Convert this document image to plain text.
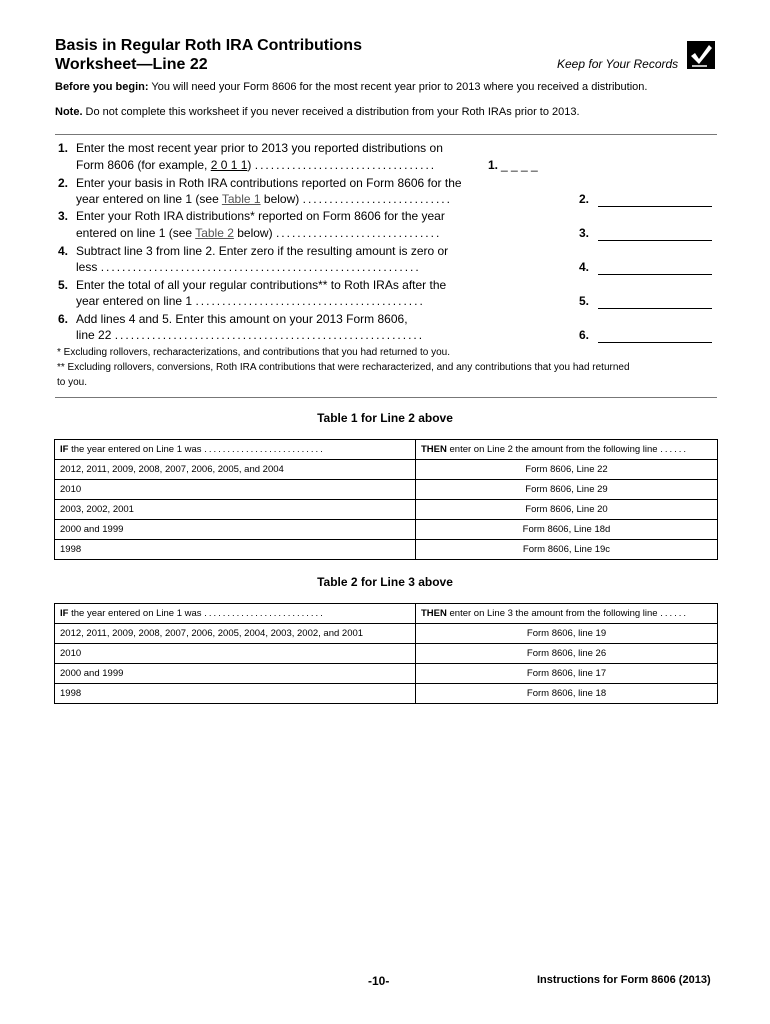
Basis in Regular Roth IRA Contributions
Worksheet—Line 22	Keep for Your Records
Before you begin: You will need your Form 8606 for the most recent year prior to 2013 where you received a distribution.
Note. Do not complete this worksheet if you never received a distribution from your Roth IRAs prior to 2013.
1. Enter the most recent year prior to 2013 you reported distributions on
Form 8606 (for example, 2 0 1 1) ..................................	1. _ _ _ _
2. Enter your basis in Roth IRA contributions reported on Form 8606 for the
year entered on line 1 (see Table 1 below) ............................	2.
3. Enter your Roth IRA distributions* reported on Form 8606 for the year
entered on line 1 (see Table 2 below) ...............................	3.
4. Subtract line 3 from line 2. Enter zero if the resulting amount is zero or
less ............................................................	4.
5. Enter the total of all your regular contributions** to Roth IRAs after the
year entered on line 1 ...........................................	5.
6. Add lines 4 and 5. Enter this amount on your 2013 Form 8606,
line 22 ..........................................................	6.
* Excluding rollovers, recharacterizations, and contributions that you had returned to you.
** Excluding rollovers, conversions, Roth IRA contributions that were recharacterized, and any contributions that you had returned
to you.
Table 1 for Line 2 above
IF the year entered on Line 1 was ..........................	THEN enter on Line 2 the amount from the following line ......
2012, 2011, 2009, 2008, 2007, 2006, 2005, and 2004	Form 8606, Line 22
2010	Form 8606, Line 29
2003, 2002, 2001	Form 8606, Line 20
2000 and 1999	Form 8606, Line 18d
1998	Form 8606, Line 19c
Table 2 for Line 3 above
IF the year entered on Line 1 was ..........................	THEN enter on Line 3 the amount from the following line ......
2012, 2011, 2009, 2008, 2007, 2006, 2005, 2004, 2003, 2002, and 2001	Form 8606, line 19
2010	Form 8606, line 26
2000 and 1999	Form 8606, line 17
1998	Form 8606, line 18
-10-	Instructions for Form 8606 (2013)
